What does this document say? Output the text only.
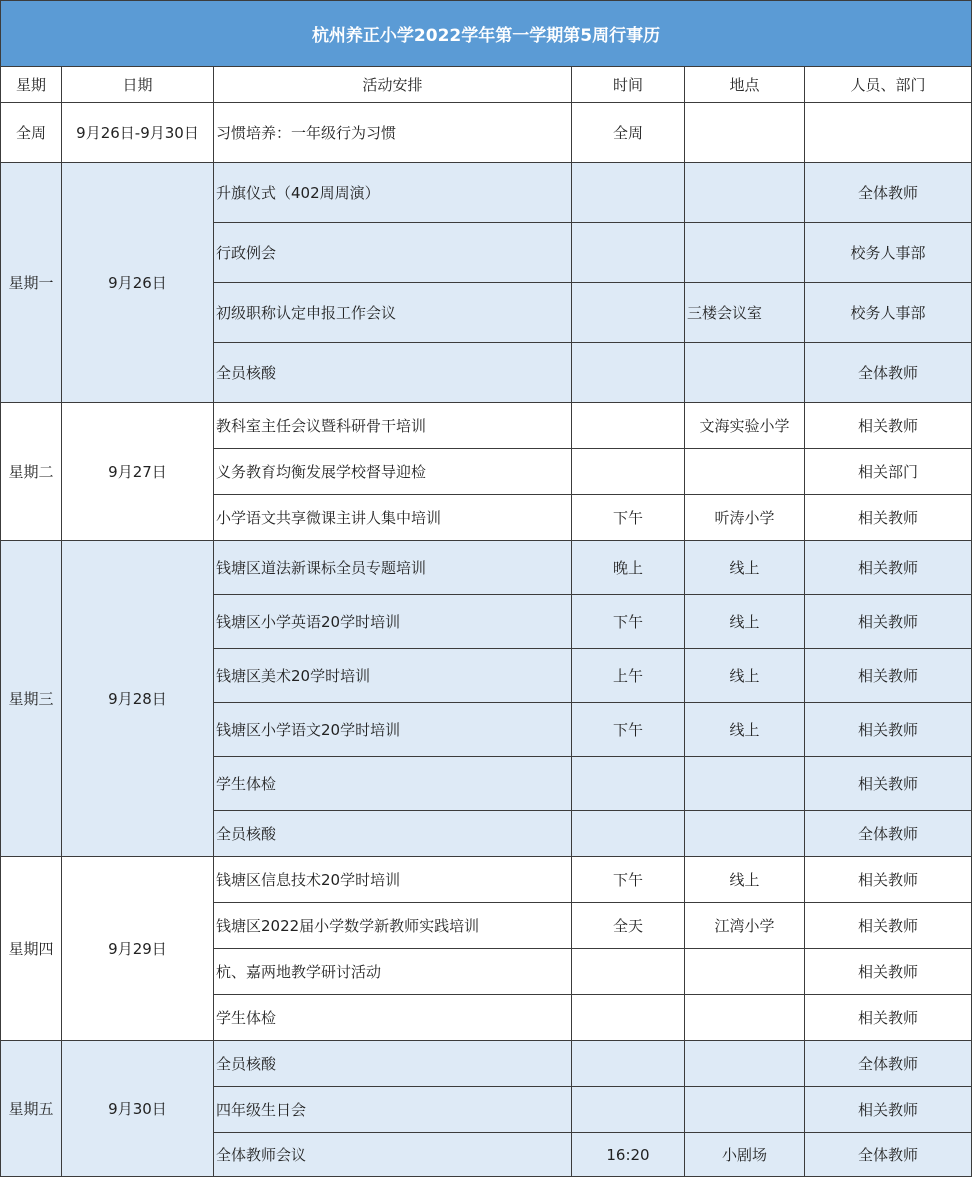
杭州养正小学2022学年第一学期第5周行事历					
星期	日期	活动安排	时间	地点	人员、部门
全周	9月26日-9月30日	习惯培养：一年级行为习惯	全周		
星期一	9月26日	升旗仪式（402周周演）			全体教师
		行政例会			校务人事部
		初级职称认定申报工作会议		三楼会议室	校务人事部
		全员核酸			全体教师
星期二	9月27日	教科室主任会议暨科研骨干培训		文海实验小学	相关教师
		义务教育均衡发展学校督导迎检			相关部门
		小学语文共享微课主讲人集中培训	下午	听涛小学	相关教师
星期三	9月28日	钱塘区道法新课标全员专题培训	晚上	线上	相关教师
		钱塘区小学英语20学时培训	下午	线上	相关教师
		钱塘区美术20学时培训	上午	线上	相关教师
		钱塘区小学语文20学时培训	下午	线上	相关教师
		学生体检			相关教师
		全员核酸			全体教师
星期四	9月29日	钱塘区信息技术20学时培训	下午	线上	相关教师
		钱塘区2022届小学数学新教师实践培训	全天	江湾小学	相关教师
		杭、嘉两地教学研讨活动			相关教师
		学生体检			相关教师
星期五	9月30日	全员核酸			全体教师
		四年级生日会			相关教师
		全体教师会议	16:20	小剧场	全体教师
